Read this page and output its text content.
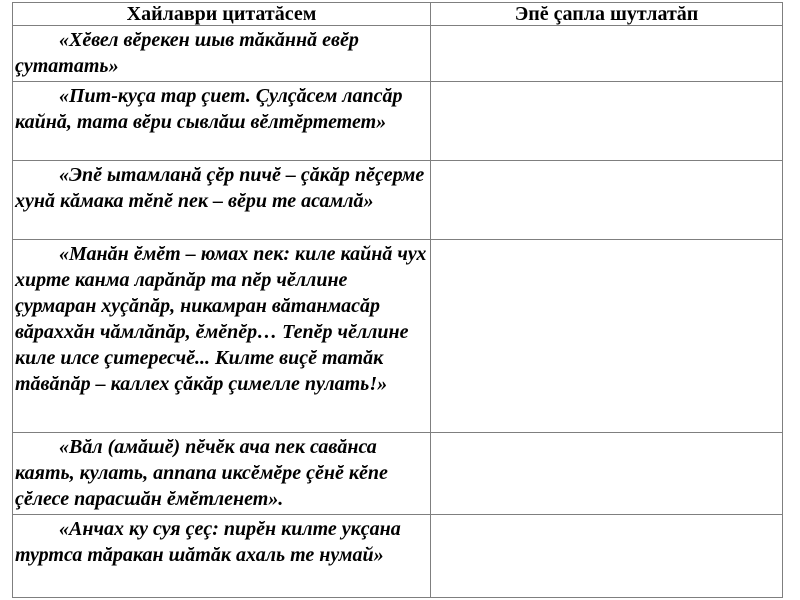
Хайлаври цитатăсем	Эпĕ çапла шутлатăп

«Хĕвел вĕрекен шыв тăкăннă евĕр çутатать»	

«Пит-куçа тар çиет. Çулçăсем лапсăр кайнă, тата вĕри сывлăш вĕлтĕртетет»	

«Эпĕ ытамланă çĕр пичĕ – çăкăр пĕçерме хунă кăмака тĕпĕ пек – вĕри те асамлă»	

«Манăн ĕмĕт – юмах пек: киле кайнă чух хирте канма ларăпăр та пĕр чĕллине çурмаран хуçăпăр, никамран вăтанмасăр вăраххăн чăмлăпăр, ĕмĕпĕр… Тепĕр чĕллине киле илсе çитересчĕ... Килте виçĕ татăк тăвăпăр – каллех çăкăр çимелле пулать!»	

«Вăл (амăшĕ) пĕчĕк ача пек савăнса каять, кулать, аппапа иксĕмĕре çĕнĕ кĕпе çĕлесе парасшăн ĕмĕтленет».	

«Анчах ку суя çеç: пирĕн килте укçана туртса тăракан шăтăк ахаль те нумай»	
